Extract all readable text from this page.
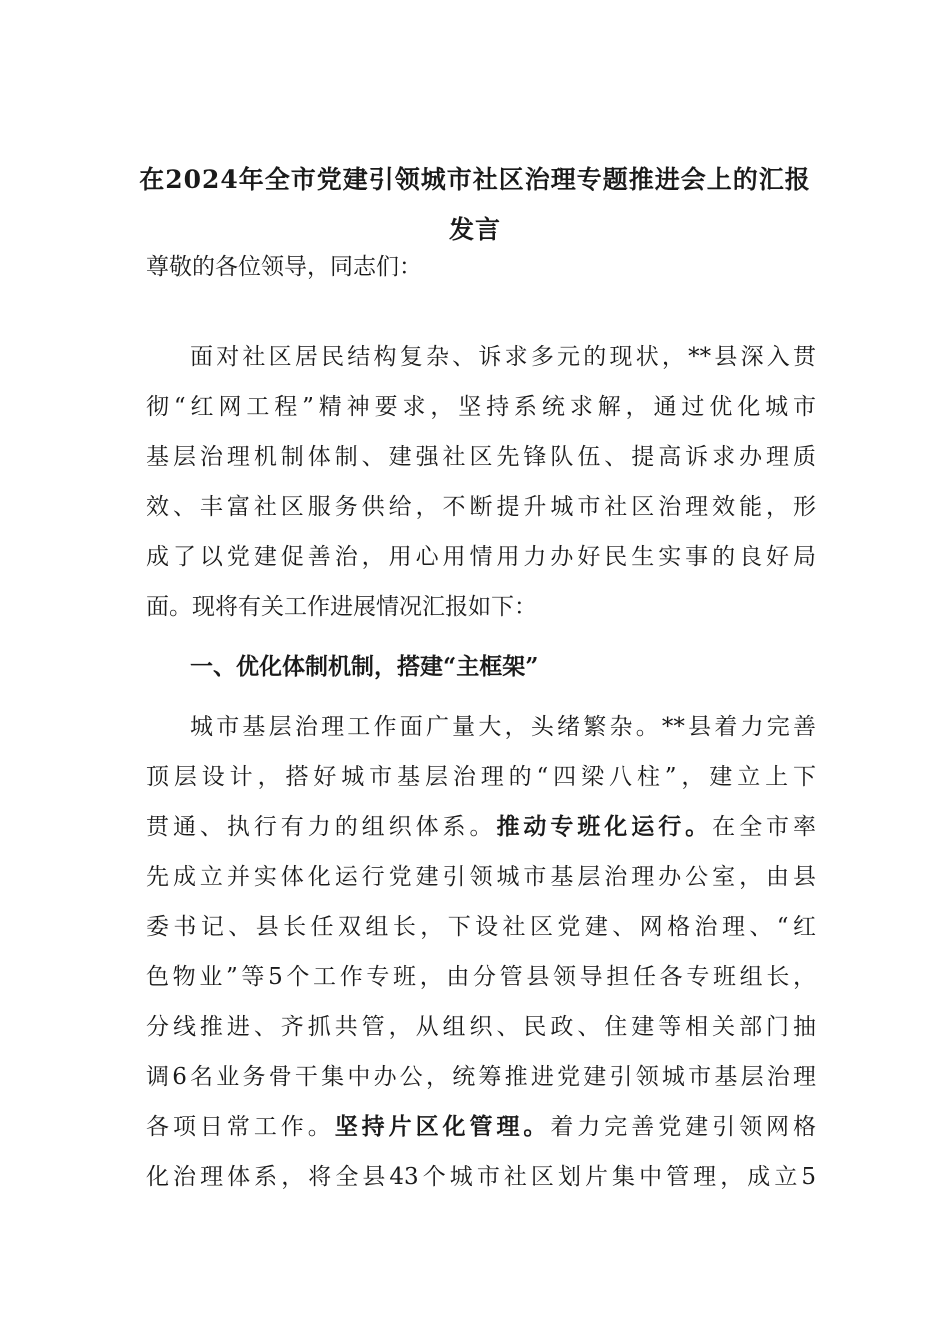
在2024年全市党建引领城市社区治理专题推进会上的汇报
发言
尊敬的各位领导，同志们：
面对社区居民结构复杂、诉求多元的现状，**县深入贯
彻“红网工程”精神要求，坚持系统求解，通过优化城市
基层治理机制体制、建强社区先锋队伍、提高诉求办理质
效、丰富社区服务供给，不断提升城市社区治理效能，形
成了以党建促善治，用心用情用力办好民生实事的良好局
面。现将有关工作进展情况汇报如下：
一、优化体制机制，搭建“主框架”
城市基层治理工作面广量大，头绪繁杂。**县着力完善
顶层设计，搭好城市基层治理的“四梁八柱”，建立上下
贯通、执行有力的组织体系。推动专班化运行。在全市率
先成立并实体化运行党建引领城市基层治理办公室，由县
委书记、县长任双组长，下设社区党建、网格治理、“红
色物业”等5个工作专班，由分管县领导担任各专班组长，
分线推进、齐抓共管，从组织、民政、住建等相关部门抽
调6名业务骨干集中办公，统筹推进党建引领城市基层治理
各项日常工作。坚持片区化管理。着力完善党建引领网格
化治理体系，将全县43个城市社区划片集中管理，成立5
